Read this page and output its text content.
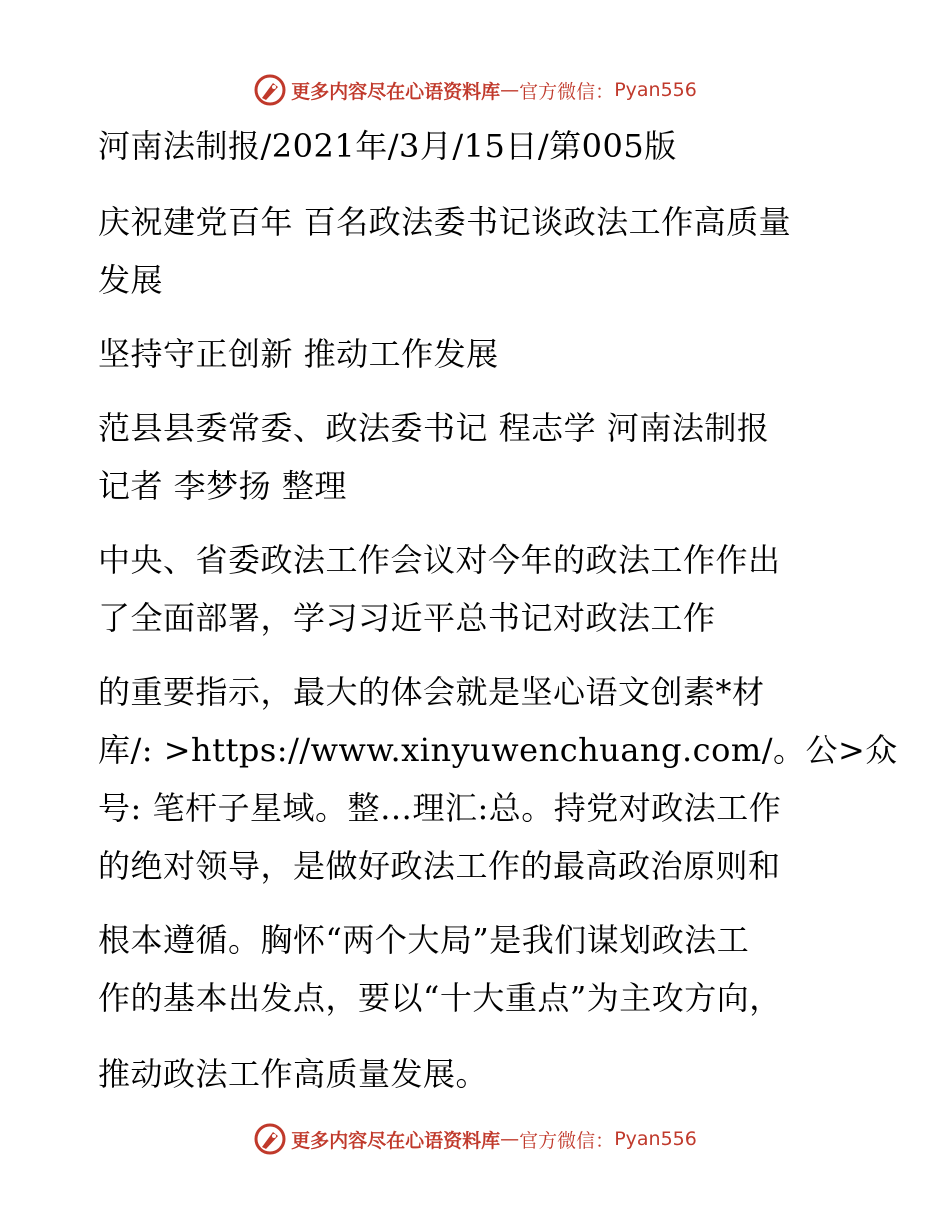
更多内容尽在心语资料库 — 官方微信： Pyan556
河南法制报/2021年/3月/15日/第005版
庆祝建党百年 百名政法委书记谈政法工作高质量
发展
坚持守正创新 推动工作发展
范县县委常委、政法委书记 程志学 河南法制报
记者 李梦扬 整理
中央、省委政法工作会议对今年的政法工作作出
了全面部署，学习习近平总书记对政法工作
的重要指示，最大的体会就是坚心语文创素*材
库/: >https://www.xinyuwenchuang.com/。公>众
号: 笔杆子星域。整…理汇:总。持党对政法工作
的绝对领导，是做好政法工作的最高政治原则和
根本遵循。胸怀“两个大局”是我们谋划政法工
作的基本出发点，要以“十大重点”为主攻方向，
推动政法工作高质量发展。
更多内容尽在心语资料库 — 官方微信： Pyan556
